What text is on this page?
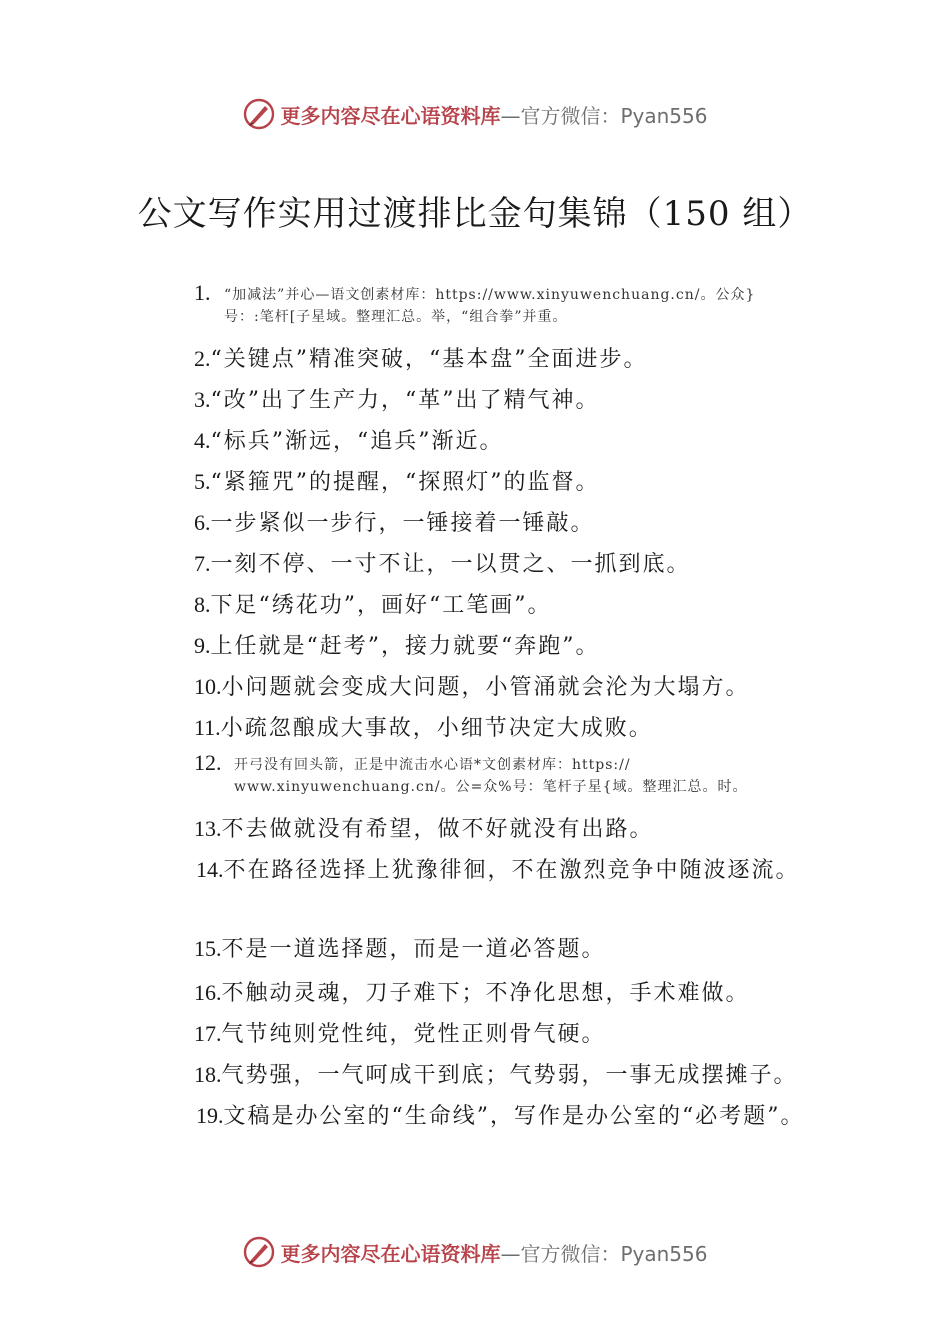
更多内容尽在心语资料库 —官方微信：Pyan556
公文写作实用过渡排比金句集锦（150 组）
1. “加减法”并心—语文创素材库：https://www.xinyuwenchuang.cn/。公众}
号：:笔杆[子星域。整理汇总。举，“组合拳”并重。
2.“关键点”精准突破，“基本盘”全面进步。
3.“改”出了生产力，“革”出了精气神。
4.“标兵”渐远，“追兵”渐近。
5.“紧箍咒”的提醒，“探照灯”的监督。
6.一步紧似一步行，一锤接着一锤敲。
7.一刻不停、一寸不让，一以贯之、一抓到底。
8.下足“绣花功”，画好“工笔画”。
9.上任就是“赶考”，接力就要“奔跑”。
10.小问题就会变成大问题，小管涌就会沦为大塌方。
11.小疏忽酿成大事故，小细节决定大成败。
12. 开弓没有回头箭，正是中流击水心语*文创素材库：https://
www.xinyuwenchuang.cn/。公=众%号：笔杆子星{域。整理汇总。时。
13.不去做就没有希望，做不好就没有出路。
14.不在路径选择上犹豫徘徊，不在激烈竞争中随波逐流。
15.不是一道选择题，而是一道必答题。
16.不触动灵魂，刀子难下；不净化思想，手术难做。
17.气节纯则党性纯，党性正则骨气硬。
18.气势强，一气呵成干到底；气势弱，一事无成摆摊子。
19.文稿是办公室的“生命线”，写作是办公室的“必考题”。
更多内容尽在心语资料库 —官方微信：Pyan556
